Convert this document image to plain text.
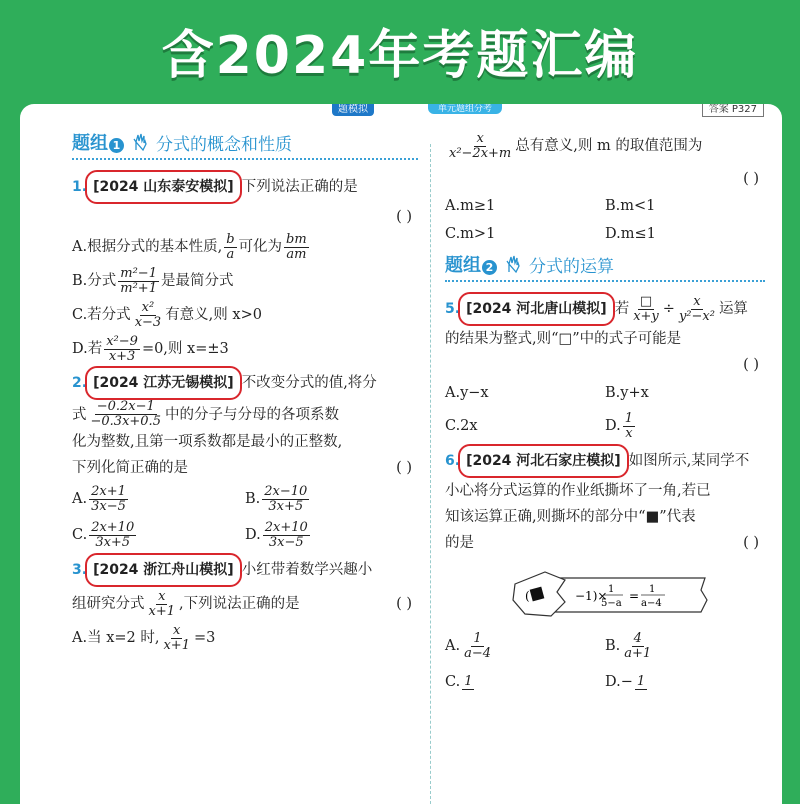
含2024年考题汇编
题模拟	单元题组分考	答案 P327
题组 1 分式的概念和性质
1. [2024 山东泰安模拟] 下列说法正确的是
( )
A.根据分式的基本性质, $\frac{b}{a}$ 可化为 $\frac{bm}{am}$
B.分式 $\frac{\text{m²−1}}{\text{m²+1}}$ 是最简分式
C.若分式 $\frac{\text{x²}}{x-3}$ 有意义,则 x>0
D.若 $\frac{\text{x²−9}}{x+3} =0$,则 x=±3
2. [2024 江苏无锡模拟] 不改变分式的值,将分
式 $\frac{-0.2x-1}{-0.3x+0.5}$ 中的分子与分母的各项系数
化为整数,且第一项系数都是最小的正整数,
下列化简正确的是	( )
A. $\frac{2x+1}{3x-5}$	B. $\frac{2x-10}{3x+5}$
C. $\frac{2x+10}{3x+5}$	D. $\frac{2x+10}{3x-5}$
3. [2024 浙江舟山模拟] 小红带着数学兴趣小
组研究分式 $\frac{x}{x+1}$ ,下列说法正确的是	( )
A.当 x=2 时, $\frac{x}{x+1} = 3$
$\frac{x}{\text{x²−2x+m}}$ 总有意义,则 m 的取值范围为
( )
A.m≥1	B.m<1
C.m>1	D.m≤1
题组 2 分式的运算
5. [2024 河北唐山模拟] 若 $\frac{□}{x+y} \div \frac{x}{\text{y²−x²}}$ 运算
的结果为整式,则“□”中的式子可能是
( )
A.y−x	B.y+x
C.2x	D. $\frac{1}{x}$
6. [2024 河北石家庄模拟] 如图所示,某同学不
小心将分式运算的作业纸撕坏了一角,若已
知该运算正确,则撕坏的部分中“■”代表
的是	( )
(	−1)× 1
5−a
= 1
a−4
A. $\frac{1}{a-4}$	B. $\frac{4}{a+1}$
C. 1	D.− 1
